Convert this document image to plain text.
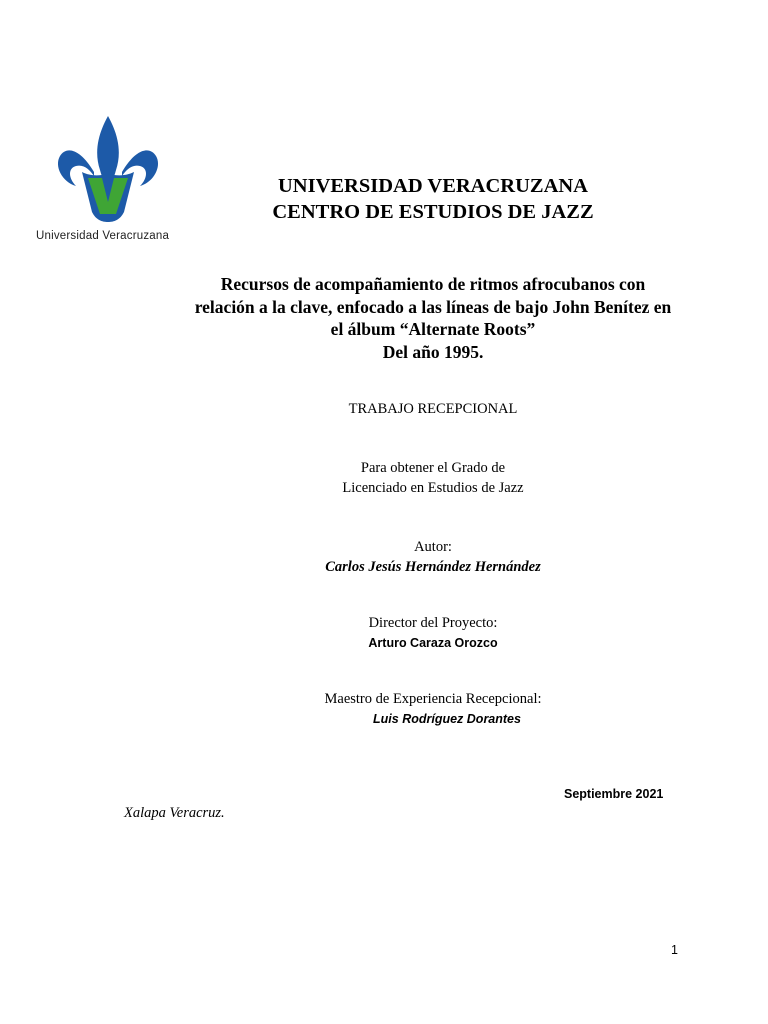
Universidad Veracruzana
UNIVERSIDAD VERACRUZANA
CENTRO DE ESTUDIOS DE JAZZ
Recursos de acompañamiento de ritmos afrocubanos con
relación a la clave, enfocado a las líneas de bajo John Benítez en
el álbum “Alternate Roots”
Del año 1995.
TRABAJO RECEPCIONAL
Para obtener el Grado de
Licenciado en Estudios de Jazz
Autor:
Carlos Jesús Hernández Hernández
Director del Proyecto:
Arturo Caraza Orozco
Maestro de Experiencia Recepcional:
Luis Rodríguez Dorantes
Septiembre 2021
Xalapa Veracruz.
1
